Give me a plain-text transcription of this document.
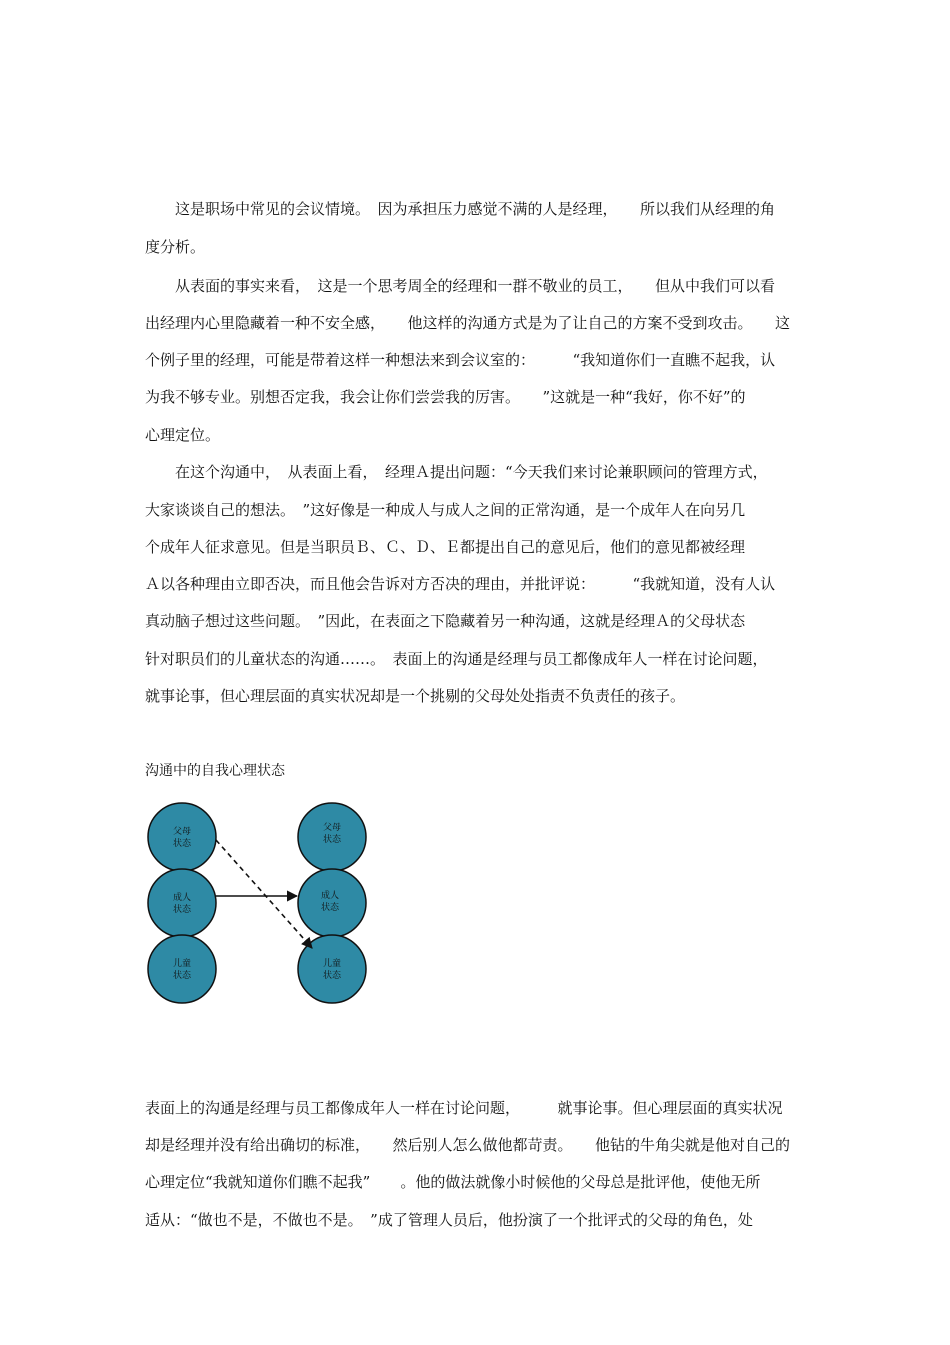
　　这是职场中常见的会议情境。　因为承担压力感觉不满的人是经理，　　所以我们从经理的角
度分析。
　　从表面的事实来看，　这是一个思考周全的经理和一群不敬业的员工，　　但从中我们可以看
出经理内心里隐藏着一种不安全感，　　他这样的沟通方式是为了让自己的方案不受到攻击。　　这
个例子里的经理，可能是带着这样一种想法来到会议室的：　　　“我知道你们一直瞧不起我，认
为我不够专业。别想否定我，我会让你们尝尝我的厉害。　　”这就是一种“我好，你不好”的
心理定位。
　　在这个沟通中，　从表面上看，　经理Ａ提出问题：“今天我们来讨论兼职顾问的管理方式，
大家谈谈自己的想法。　”这好像是一种成人与成人之间的正常沟通，是一个成年人在向另几
个成年人征求意见。但是当职员Ｂ、Ｃ、Ｄ、Ｅ都提出自己的意见后，他们的意见都被经理
Ａ以各种理由立即否决，而且他会告诉对方否决的理由，并批评说：　　　“我就知道，没有人认
真动脑子想过这些问题。　”因此，在表面之下隐藏着另一种沟通，这就是经理Ａ的父母状态
针对职员们的儿童状态的沟通……。　表面上的沟通是经理与员工都像成年人一样在讨论问题，
就事论事，但心理层面的真实状况却是一个挑剔的父母处处指责不负责任的孩子。
沟通中的自我心理状态
父母
状态
成人
状态
儿童
状态
父母
状态
成人
状态
儿童
状态
表面上的沟通是经理与员工都像成年人一样在讨论问题，　　　就事论事。但心理层面的真实状况
却是经理并没有给出确切的标准，　　然后别人怎么做他都苛责。　　他钻的牛角尖就是他对自己的
心理定位“我就知道你们瞧不起我”　　。他的做法就像小时候他的父母总是批评他，使他无所
适从：“做也不是，不做也不是。　”成了管理人员后，他扮演了一个批评式的父母的角色，处
